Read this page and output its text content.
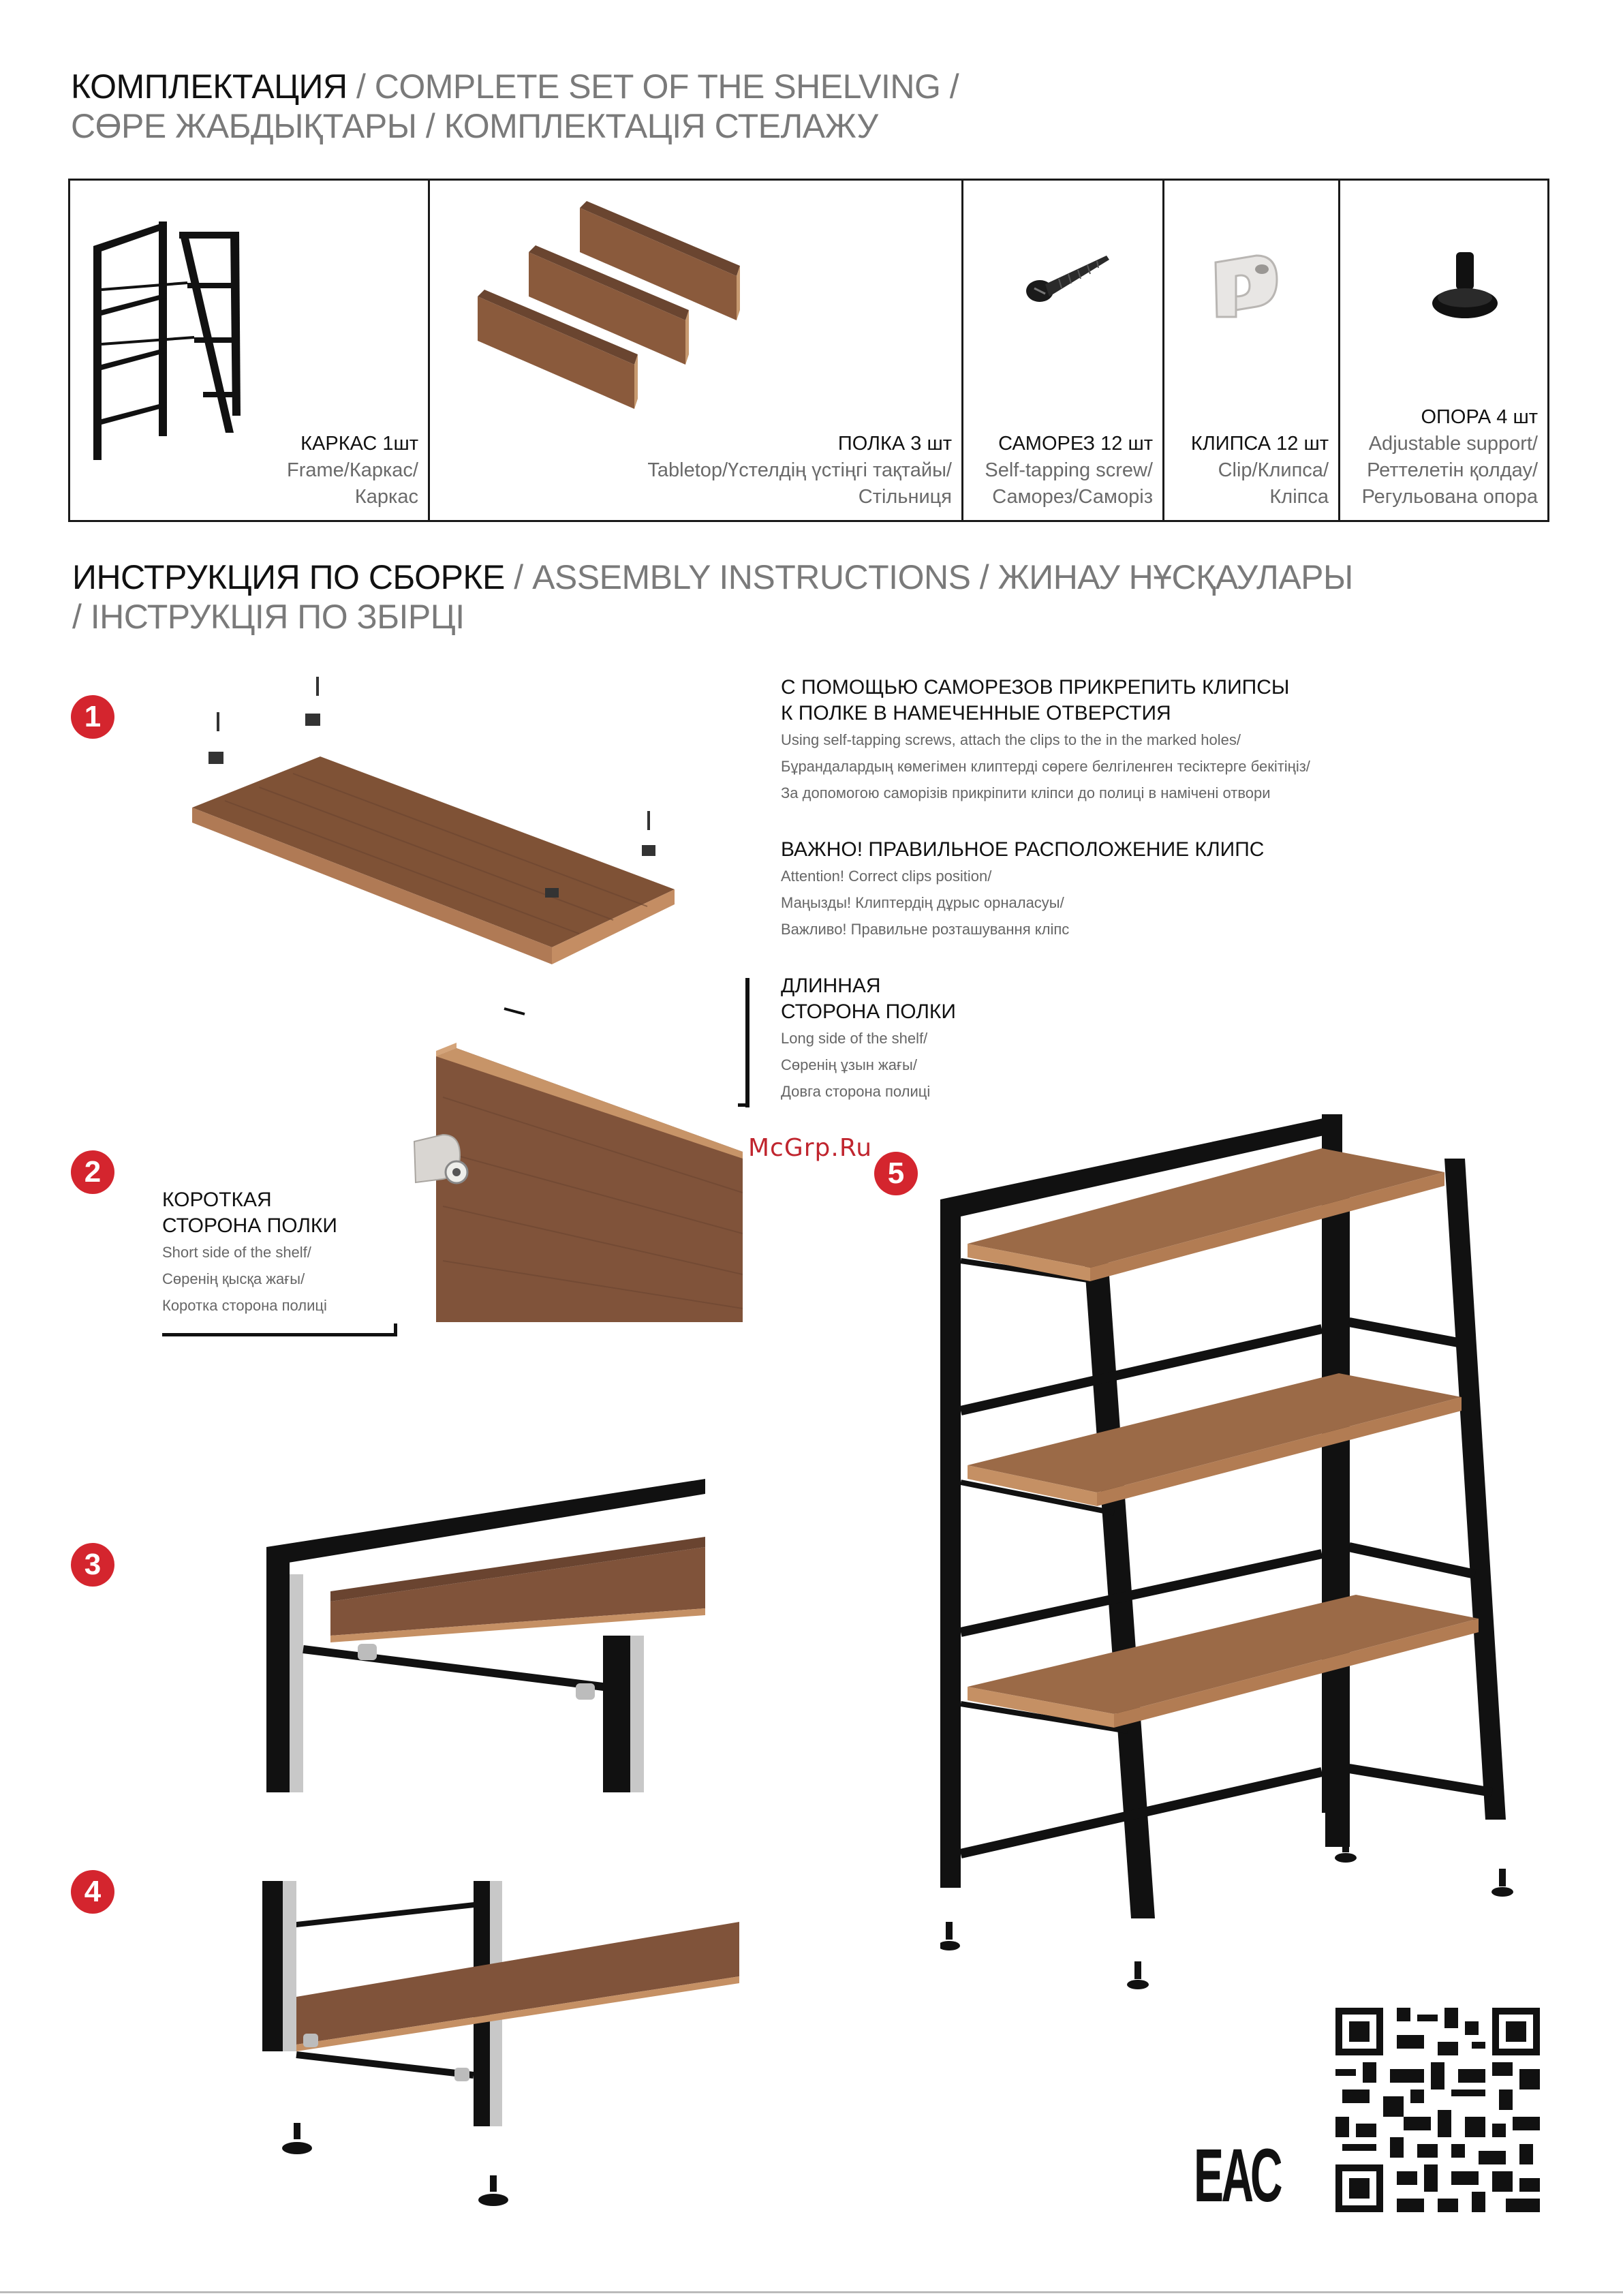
КОМПЛЕКТАЦИЯ / COMPLETE SET OF THE SHELVING /
СӨРЕ ЖАБДЫҚТАРЫ / КОМПЛЕКТАЦІЯ СТЕЛАЖУ
КАРКАС 1шт
Frame/Каркас/
Каркас

ПОЛКА 3 шт
Tabletop/Үстелдің үстіңгі тақтайы/
Стільниця

САМОРЕЗ 12 шт
Self-tapping screw/
Саморез/Саморіз

КЛИПСА 12 шт
Clip/Клипса/
Кліпса

ОПОРА 4 шт
Adjustable support/
Реттелетін қолдау/
Регульована опора
ИНСТРУКЦИЯ ПО СБОРКЕ / ASSEMBLY INSTRUCTIONS / ЖИНАУ НҰСҚАУЛАРЫ
/ ІНСТРУКЦІЯ ПО ЗБІРЦІ
1
2
3
4
5
С ПОМОЩЬЮ САМОРЕЗОВ ПРИКРЕПИТЬ КЛИПСЫ
К ПОЛКЕ В НАМЕЧЕННЫЕ ОТВЕРСТИЯ
Using self-tapping screws, attach the clips to the in the marked holes/
Бұрандалардың көмегімен клиптерді сөреге белгіленген тесіктерге бекітіңіз/
За допомогою саморізів прикріпити кліпси до полиці в намічені отвори
ВАЖНО! ПРАВИЛЬНОЕ РАСПОЛОЖЕНИЕ КЛИПС
Attention! Correct clips position/
Маңызды! Клиптердің дұрыс орналасуы/
Важливо! Правильне розташування кліпс
ДЛИННАЯ
СТОРОНА ПОЛКИ
Long side of the shelf/
Сөренің ұзын жағы/
Довга сторона полиці
КОРОТКАЯ
СТОРОНА ПОЛКИ
Short side of the shelf/
Сөренің қысқа жағы/
Коротка сторона полиці
McGrp.Ru
ЕАС
